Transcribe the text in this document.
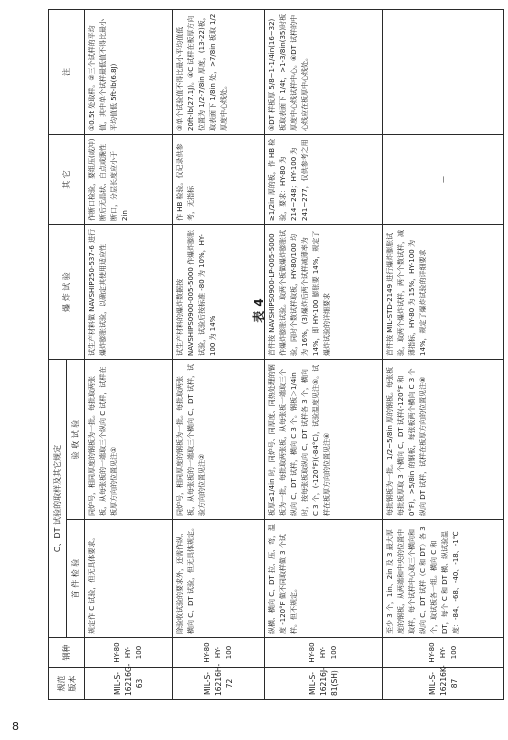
8
表 4
规范 版本	钢种	C、DT 试验的取样及其它规定		爆 炸 试 验	其 它	注
		首 件 检 验	验 收 试 验			
MIL-S-16216G-63	HY-80 HY-100	规定作 C 试验，但无具体要求。	同炉号，相同厚度的钢板为一批。每批取两张板，从每张板的一端取三个纵向 C 试样，试样在板厚方向的位置见注①	试生产材料做 NAVSHIP250-537-6 进行爆炸膨胀试验，以确定其使用适应性	作断口检验，要组压(或冲)断后无晶状、白点或脆性断口，分层长度应小于 2in	①0.5t 处取样。②三个试样的平均值，其中单个试样最低值不得比最小平均值低 5ft-lb(6.8J)
MIL-S-16216H-72	HY-80 HY-100	除验收试验的要求外，还需作纵、横向 C、DT 试验，但无具体规定。	同炉号，相同厚度的钢板为一批。每批取两张板，从每张板的一端取三个横向 C、DT 试样，试验方向的位置见注②	试生产材料的爆炸数据按 NAVSHIPS0900-005-5000 作爆炸膨胀试验，试验后按标准 -80 为 10%，HY-100 为 14%	作 HB 检验。仅记录供参考，无指标	③单个试验值不得比最小平均值低 20ft-lb(27.1J)。④C 试样在板厚方向位置为 1/2-7/8in 厚度，(13-22)板，取表面下 1/8in 处，>7/8in 板取 1/2 厚度中心线处。
MIL-S-16216J-81(SH)	HY-80 HY-100	纵横、横向 C、DT 拉、压、弯，温度 -120°F 做不同取样做 3 个试样。但不规定。	板厚≤1/4in 时，同炉号、同厚度、同热处理的钢板为一批，每批取两张板，从每张板一端取三个纵向 C、DT 试样，横向 C 3 个。钢板＞1/4in 时，按每张板取纵向 C、DT 试样各 3 个，横向 C 3 个，(-120°F)(-84°C)，试验温度见注⑤。试样在板厚方向的位置见注⑥	首件按 NAVSHIPS0900-LP-005-5000 作爆炸膨胀试验。取两个板做爆炸膨胀试验，同时个数试样取板，HY-80/100 均为 16%，(3)爆炸后两个试样减薄率为 14%，即 HY-100 膨胀要 14%，规定了爆炸试验的详细要求	≥1/2in 厚的板，作 HB 检验，要求：HY-80 为 214~248；HY-100 为 241~277，仅供参考之用	⑤DT 样板厚 5/8~1-1/4in(16~32)板取表面下 1/4t，>1-3/8in(35)时板厚度中心线试样中心。⑥DT 试样的中心线应在板厚中心线处。
MIL-S-16216K-87	HY-80 HY-100	至少 3 个，1in、2in 及 3 最大厚度的钢板，从两端和中央的位置中取样，每个试样中心取三个横向和纵向 C、DT 试样（C 和 DT）各 3 个，取试板各一组。横向 C 和 DT，每个 C 和 DT 横、纵试验温度：-84、-68、-40、-18、-1℃	每批钢板为一批。1/2~5/8in 厚的钢板。每张板每批板厚取 3 个横向 C、DT 试样(-120°F 和 0°F)，>5/8in 的钢板，每张板两个横向 C 3 个纵向 DT 试样，试样在板厚方向的位置见注⑧	首件按 MIL-STD-2149 进行爆炸膨胀试验，取两个爆炸试样，两个个数试样，减薄指标，HY-80 为 15%，HY-100 为 14%，规定了爆炸试验的详细要求	—	
